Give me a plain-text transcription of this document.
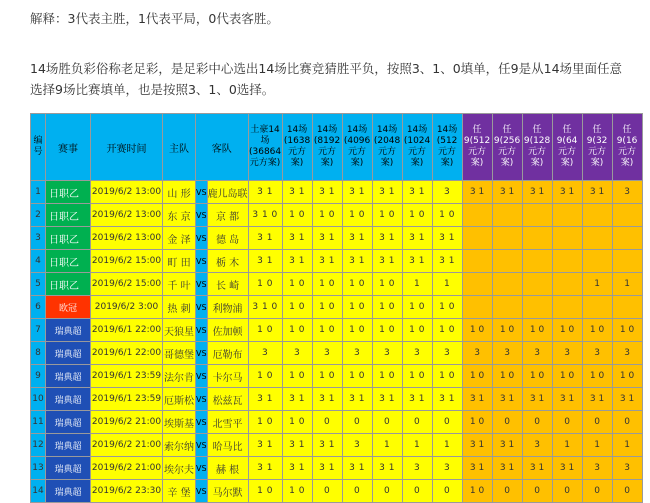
解释：3代表主胜，1代表平局，0代表客胜。
14场胜负彩俗称老足彩，是足彩中心选出14场比赛竞猜胜平负，按照3、1、0填单，任9是从14场里面任意选择9场比赛填单，也是按照3、1、0选择。
编号	赛事	开赛时间	主队	客队		土豪14场(36864元方案)	14场(1638元方案)	14场(8192元方案)	14场(4096元方案)	14场(2048元方案)	14场(1024元方案)	14场(512元方案)	任9(512元方案)	任9(256元方案)	任9(128元方案)	任9(64元方案)	任9(32元方案)	任9(16元方案)
1	日职乙	2019/6/2 13:00	山 形	VS	鹿儿岛联	3 1	3 1	3 1	3 1	3 1	3 1	3	3 1	3 1	3 1	3 1	3 1	3
2	日职乙	2019/6/2 13:00	东 京	VS	京 都	3 1 0	1 0	1 0	1 0	1 0	1 0	1 0						
3	日职乙	2019/6/2 13:00	金 泽	VS	德 岛	3 1	3 1	3 1	3 1	3 1	3 1	3 1						
4	日职乙	2019/6/2 15:00	町 田	VS	栃 木	3 1	3 1	3 1	3 1	3 1	3 1	3 1						
5	日职乙	2019/6/2 15:00	千 叶	VS	长 崎	1 0	1 0	1 0	1 0	1 0	1	1					1	1
6	欧冠	2019/6/2 3:00	热 刺	VS	利物浦	3 1 0	1 0	1 0	1 0	1 0	1 0	1 0						
7	瑞典超	2019/6/1 22:00	天狼星	VS	佐加顿	1 0	1 0	1 0	1 0	1 0	1 0	1 0	1 0	1 0	1 0	1 0	1 0	1 0
8	瑞典超	2019/6/1 22:00	哥德堡	VS	厄勒布	3	3	3	3	3	3	3	3	3	3	3	3	3
9	瑞典超	2019/6/1 23:59	法尔肯	VS	卡尔马	1 0	1 0	1 0	1 0	1 0	1 0	1 0	1 0	1 0	1 0	1 0	1 0	1 0
10	瑞典超	2019/6/1 23:59	厄斯松	VS	松兹瓦	3 1	3 1	3 1	3 1	3 1	3 1	3 1	3 1	3 1	3 1	3 1	3 1	3 1
11	瑞典超	2019/6/2 21:00	埃斯基	VS	北雪平	1 0	1 0	0	0	0	0	0	1 0	0	0	0	0	0
12	瑞典超	2019/6/2 21:00	索尔纳	VS	哈马比	3 1	3 1	3 1	3	1	1	1	3 1	3 1	3	1	1	1
13	瑞典超	2019/6/2 21:00	埃尔夫	VS	赫 根	3 1	3 1	3 1	3 1	3 1	3	3	3 1	3 1	3 1	3 1	3	3
14	瑞典超	2019/6/2 23:30	辛 堡	VS	马尔默	1 0	1 0	0	0	0	0	0	1 0	0	0	0	0	0
